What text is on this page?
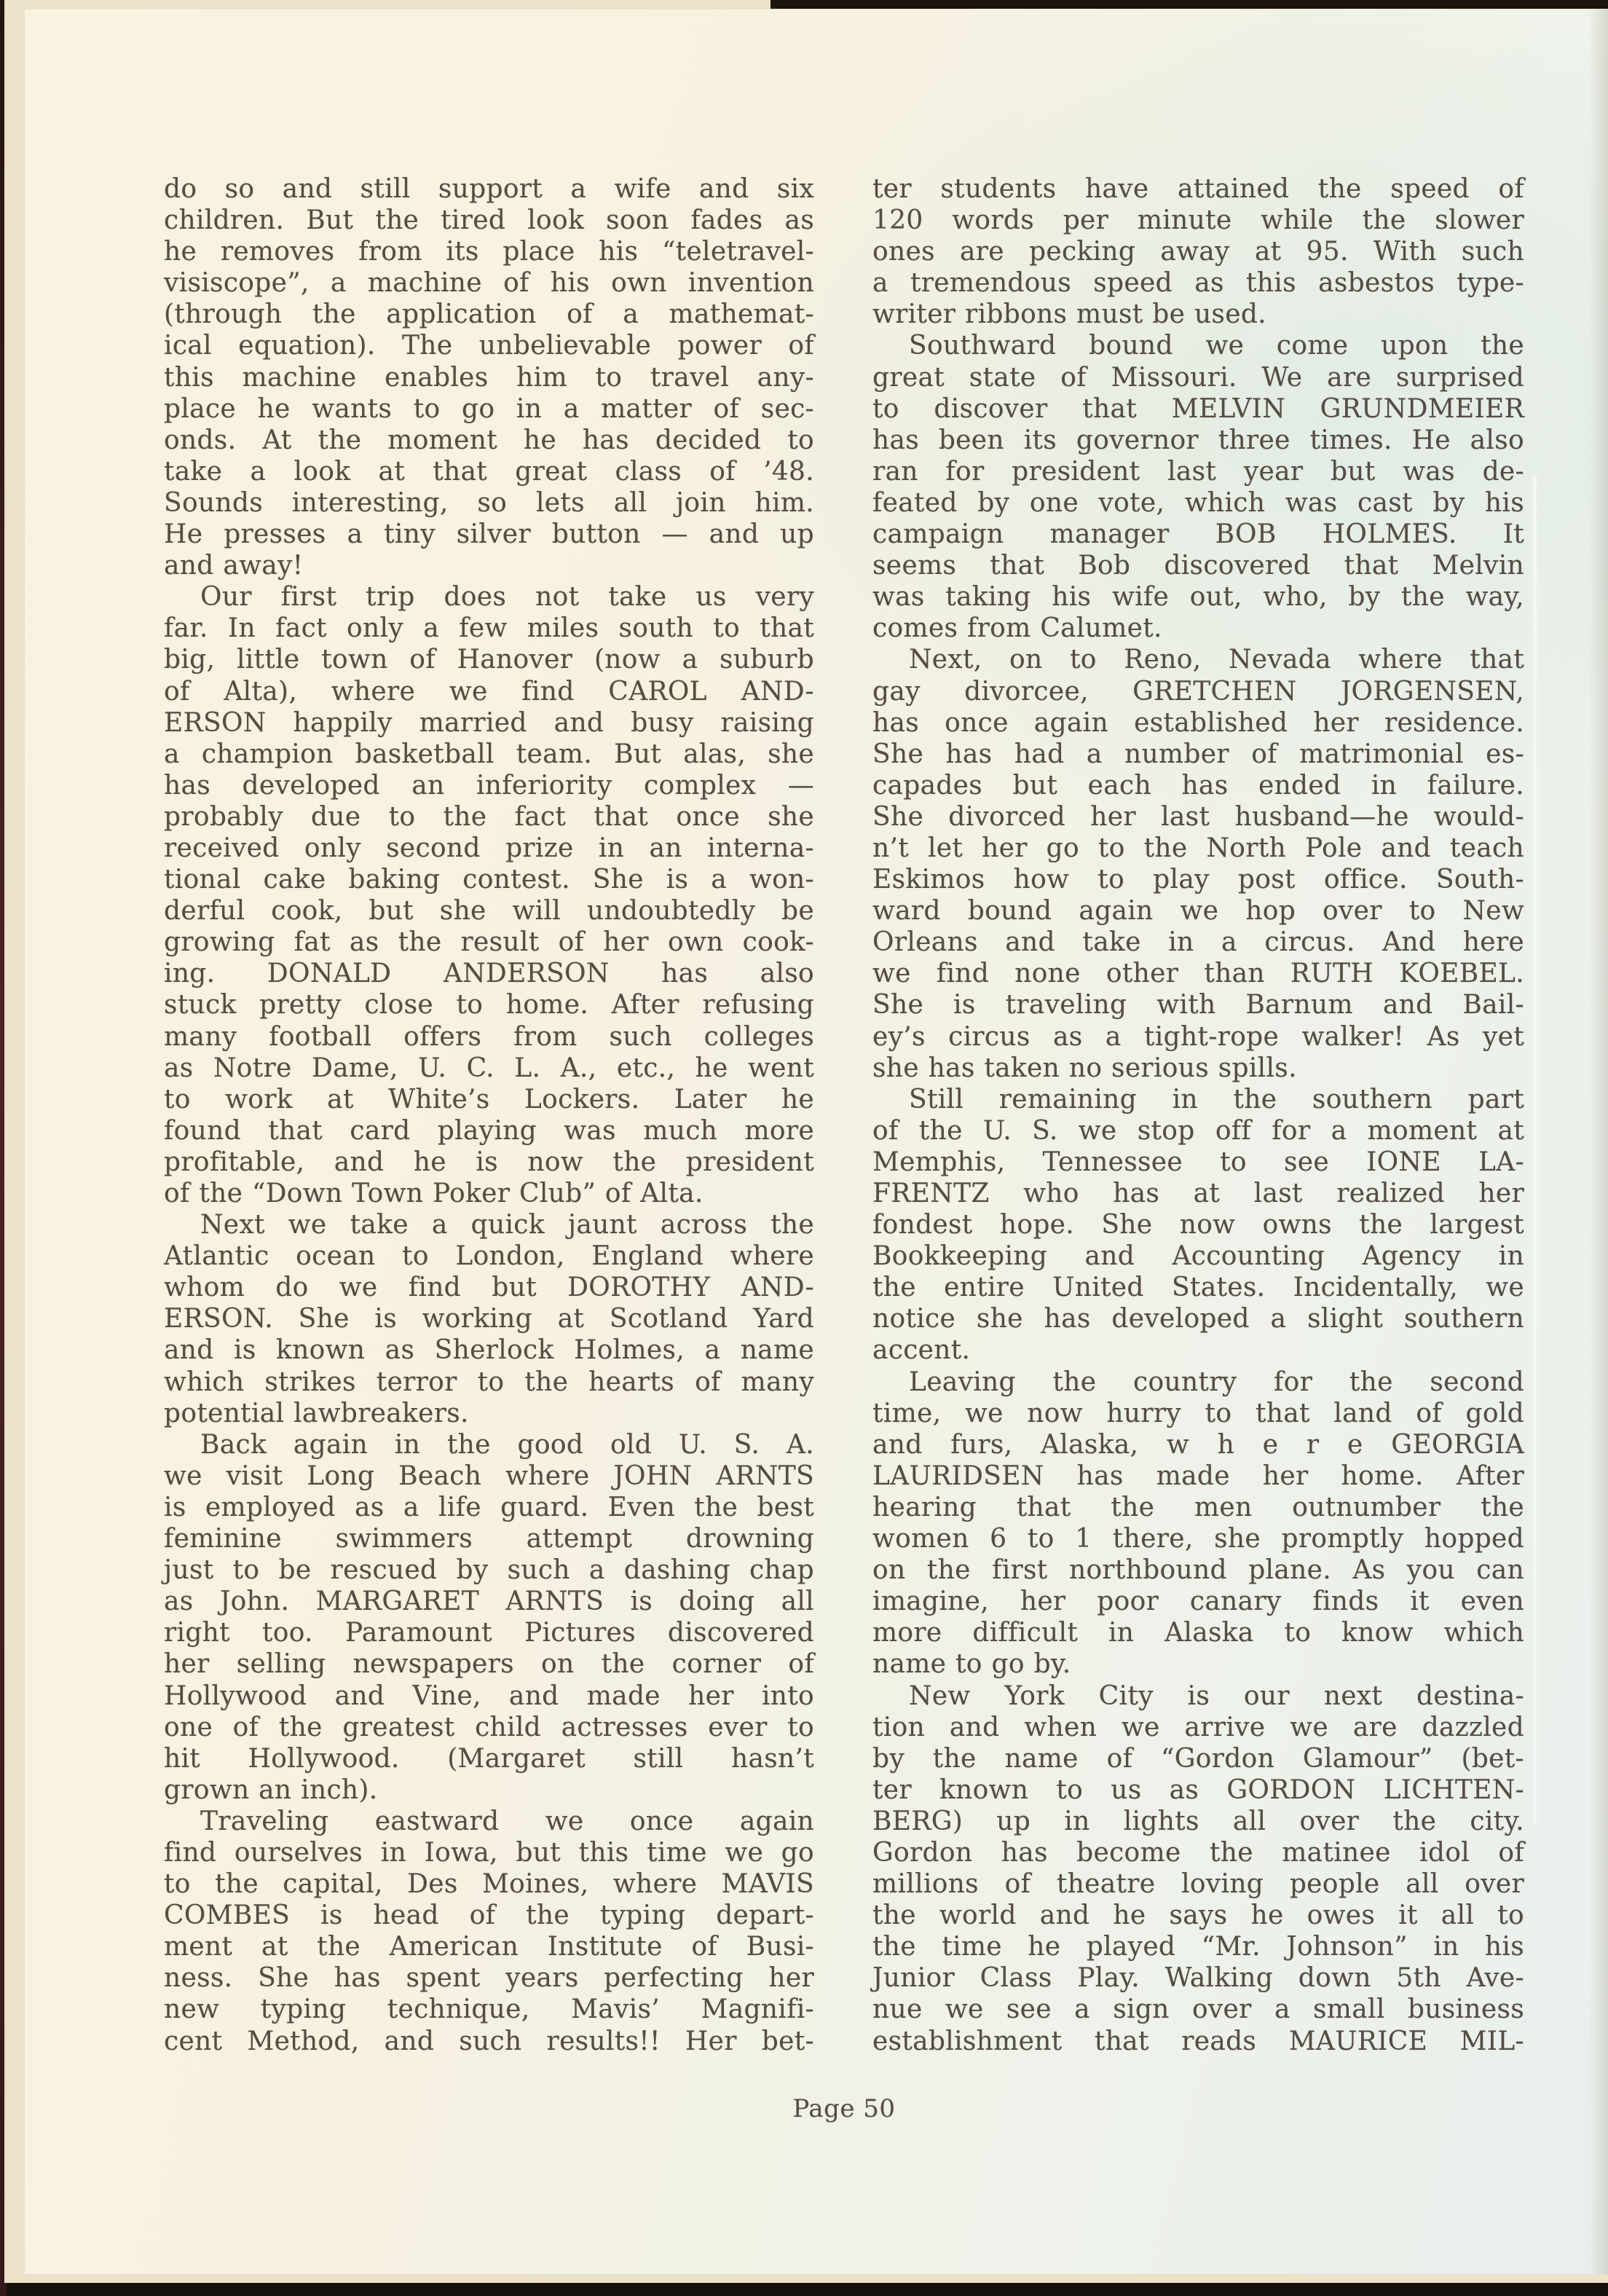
do so and still support a wife and six
children. But the tired look soon fades as
he removes from its place his “teletravel-
visiscope”, a machine of his own invention
(through the application of a mathemat-
ical equation). The unbelievable power of
this machine enables him to travel any-
place he wants to go in a matter of sec-
onds. At the moment he has decided to
take a look at that great class of ’48.
Sounds interesting, so lets all join him.
He presses a tiny silver button — and up
and away!
Our first trip does not take us very
far. In fact only a few miles south to that
big, little town of Hanover (now a suburb
of Alta), where we find CAROL AND-
ERSON happily married and busy raising
a champion basketball team. But alas, she
has developed an inferiority complex —
probably due to the fact that once she
received only second prize in an interna-
tional cake baking contest. She is a won-
derful cook, but she will undoubtedly be
growing fat as the result of her own cook-
ing. DONALD ANDERSON has also
stuck pretty close to home. After refusing
many football offers from such colleges
as Notre Dame, U. C. L. A., etc., he went
to work at White’s Lockers. Later he
found that card playing was much more
profitable, and he is now the president
of the “Down Town Poker Club” of Alta.
Next we take a quick jaunt across the
Atlantic ocean to London, England where
whom do we find but DOROTHY AND-
ERSON. She is working at Scotland Yard
and is known as Sherlock Holmes, a name
which strikes terror to the hearts of many
potential lawbreakers.
Back again in the good old U. S. A.
we visit Long Beach where JOHN ARNTS
is employed as a life guard. Even the best
feminine swimmers attempt drowning
just to be rescued by such a dashing chap
as John. MARGARET ARNTS is doing all
right too. Paramount Pictures discovered
her selling newspapers on the corner of
Hollywood and Vine, and made her into
one of the greatest child actresses ever to
hit Hollywood. (Margaret still hasn’t
grown an inch).
Traveling eastward we once again
find ourselves in Iowa, but this time we go
to the capital, Des Moines, where MAVIS
COMBES is head of the typing depart-
ment at the American Institute of Busi-
ness. She has spent years perfecting her
new typing technique, Mavis’ Magnifi-
cent Method, and such results!! Her bet-
ter students have attained the speed of
120 words per minute while the slower
ones are pecking away at 95. With such
a tremendous speed as this asbestos type-
writer ribbons must be used.
Southward bound we come upon the
great state of Missouri. We are surprised
to discover that MELVIN GRUNDMEIER
has been its governor three times. He also
ran for president last year but was de-
feated by one vote, which was cast by his
campaign manager BOB HOLMES. It
seems that Bob discovered that Melvin
was taking his wife out, who, by the way,
comes from Calumet.
Next, on to Reno, Nevada where that
gay divorcee, GRETCHEN JORGENSEN,
has once again established her residence.
She has had a number of matrimonial es-
capades but each has ended in failure.
She divorced her last husband—he would-
n’t let her go to the North Pole and teach
Eskimos how to play post office. South-
ward bound again we hop over to New
Orleans and take in a circus. And here
we find none other than RUTH KOEBEL.
She is traveling with Barnum and Bail-
ey’s circus as a tight-rope walker! As yet
she has taken no serious spills.
Still remaining in the southern part
of the U. S. we stop off for a moment at
Memphis, Tennessee to see IONE LA-
FRENTZ who has at last realized her
fondest hope. She now owns the largest
Bookkeeping and Accounting Agency in
the entire United States. Incidentally, we
notice she has developed a slight southern
accent.
Leaving the country for the second
time, we now hurry to that land of gold
and furs, Alaska, w h e r e GEORGIA
LAURIDSEN has made her home. After
hearing that the men outnumber the
women 6 to 1 there, she promptly hopped
on the first northbound plane. As you can
imagine, her poor canary finds it even
more difficult in Alaska to know which
name to go by.
New York City is our next destina-
tion and when we arrive we are dazzled
by the name of “Gordon Glamour” (bet-
ter known to us as GORDON LICHTEN-
BERG) up in lights all over the city.
Gordon has become the matinee idol of
millions of theatre loving people all over
the world and he says he owes it all to
the time he played “Mr. Johnson” in his
Junior Class Play. Walking down 5th Ave-
nue we see a sign over a small business
establishment that reads MAURICE MIL-
Page 50
